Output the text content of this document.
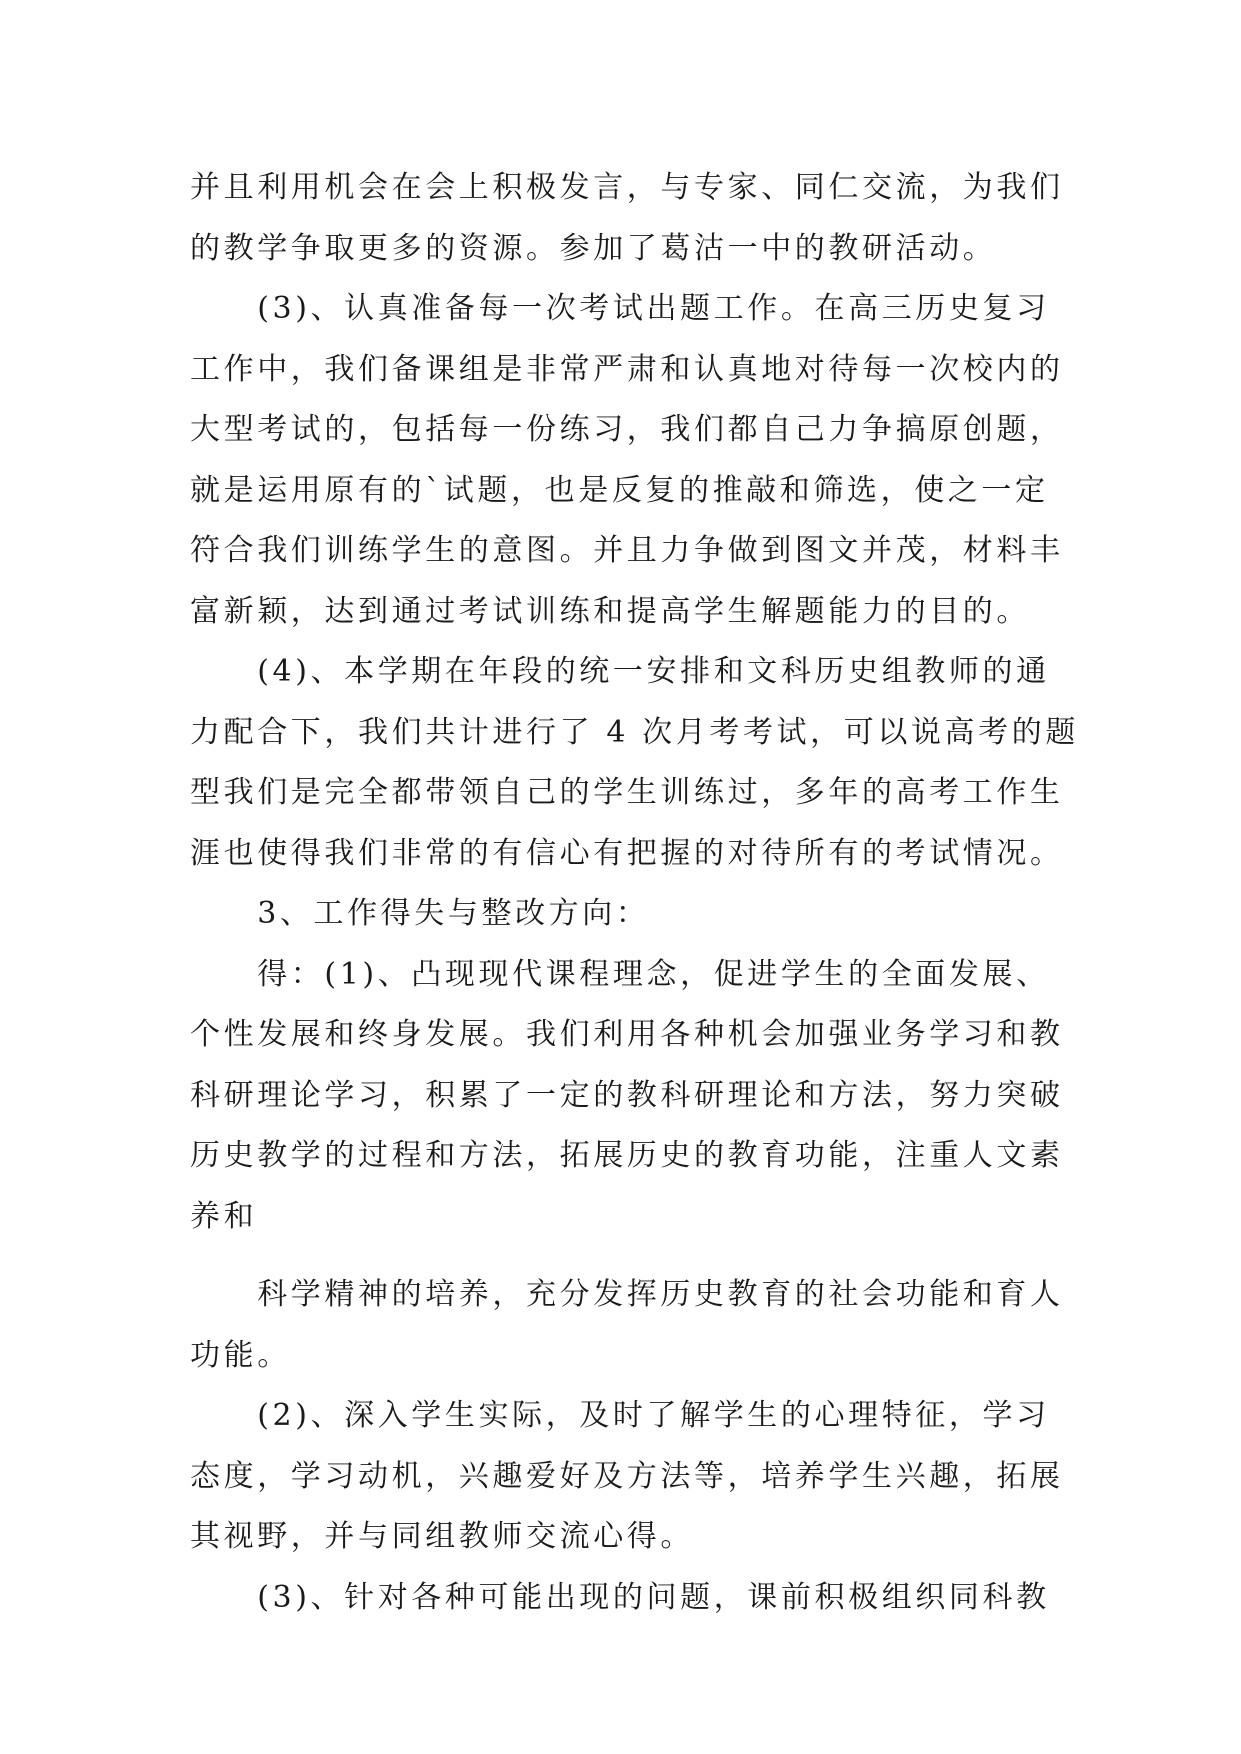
并且利用机会在会上积极发言，与专家、同仁交流，为我们
的教学争取更多的资源。参加了葛沽一中的教研活动。
　　(3)、认真准备每一次考试出题工作。在高三历史复习
工作中，我们备课组是非常严肃和认真地对待每一次校内的
大型考试的，包括每一份练习，我们都自己力争搞原创题，
就是运用原有的`试题，也是反复的推敲和筛选，使之一定
符合我们训练学生的意图。并且力争做到图文并茂，材料丰
富新颖，达到通过考试训练和提高学生解题能力的目的。
　　(4)、本学期在年段的统一安排和文科历史组教师的通
力配合下，我们共计进行了 4 次月考考试，可以说高考的题
型我们是完全都带领自己的学生训练过，多年的高考工作生
涯也使得我们非常的有信心有把握的对待所有的考试情况。
　　3、工作得失与整改方向：
　　得：(1)、凸现现代课程理念，促进学生的全面发展、
个性发展和终身发展。我们利用各种机会加强业务学习和教
科研理论学习，积累了一定的教科研理论和方法，努力突破
历史教学的过程和方法，拓展历史的教育功能，注重人文素
养和
　　科学精神的培养，充分发挥历史教育的社会功能和育人
功能。
　　(2)、深入学生实际，及时了解学生的心理特征，学习
态度，学习动机，兴趣爱好及方法等，培养学生兴趣，拓展
其视野，并与同组教师交流心得。
　　(3)、针对各种可能出现的问题，课前积极组织同科教
